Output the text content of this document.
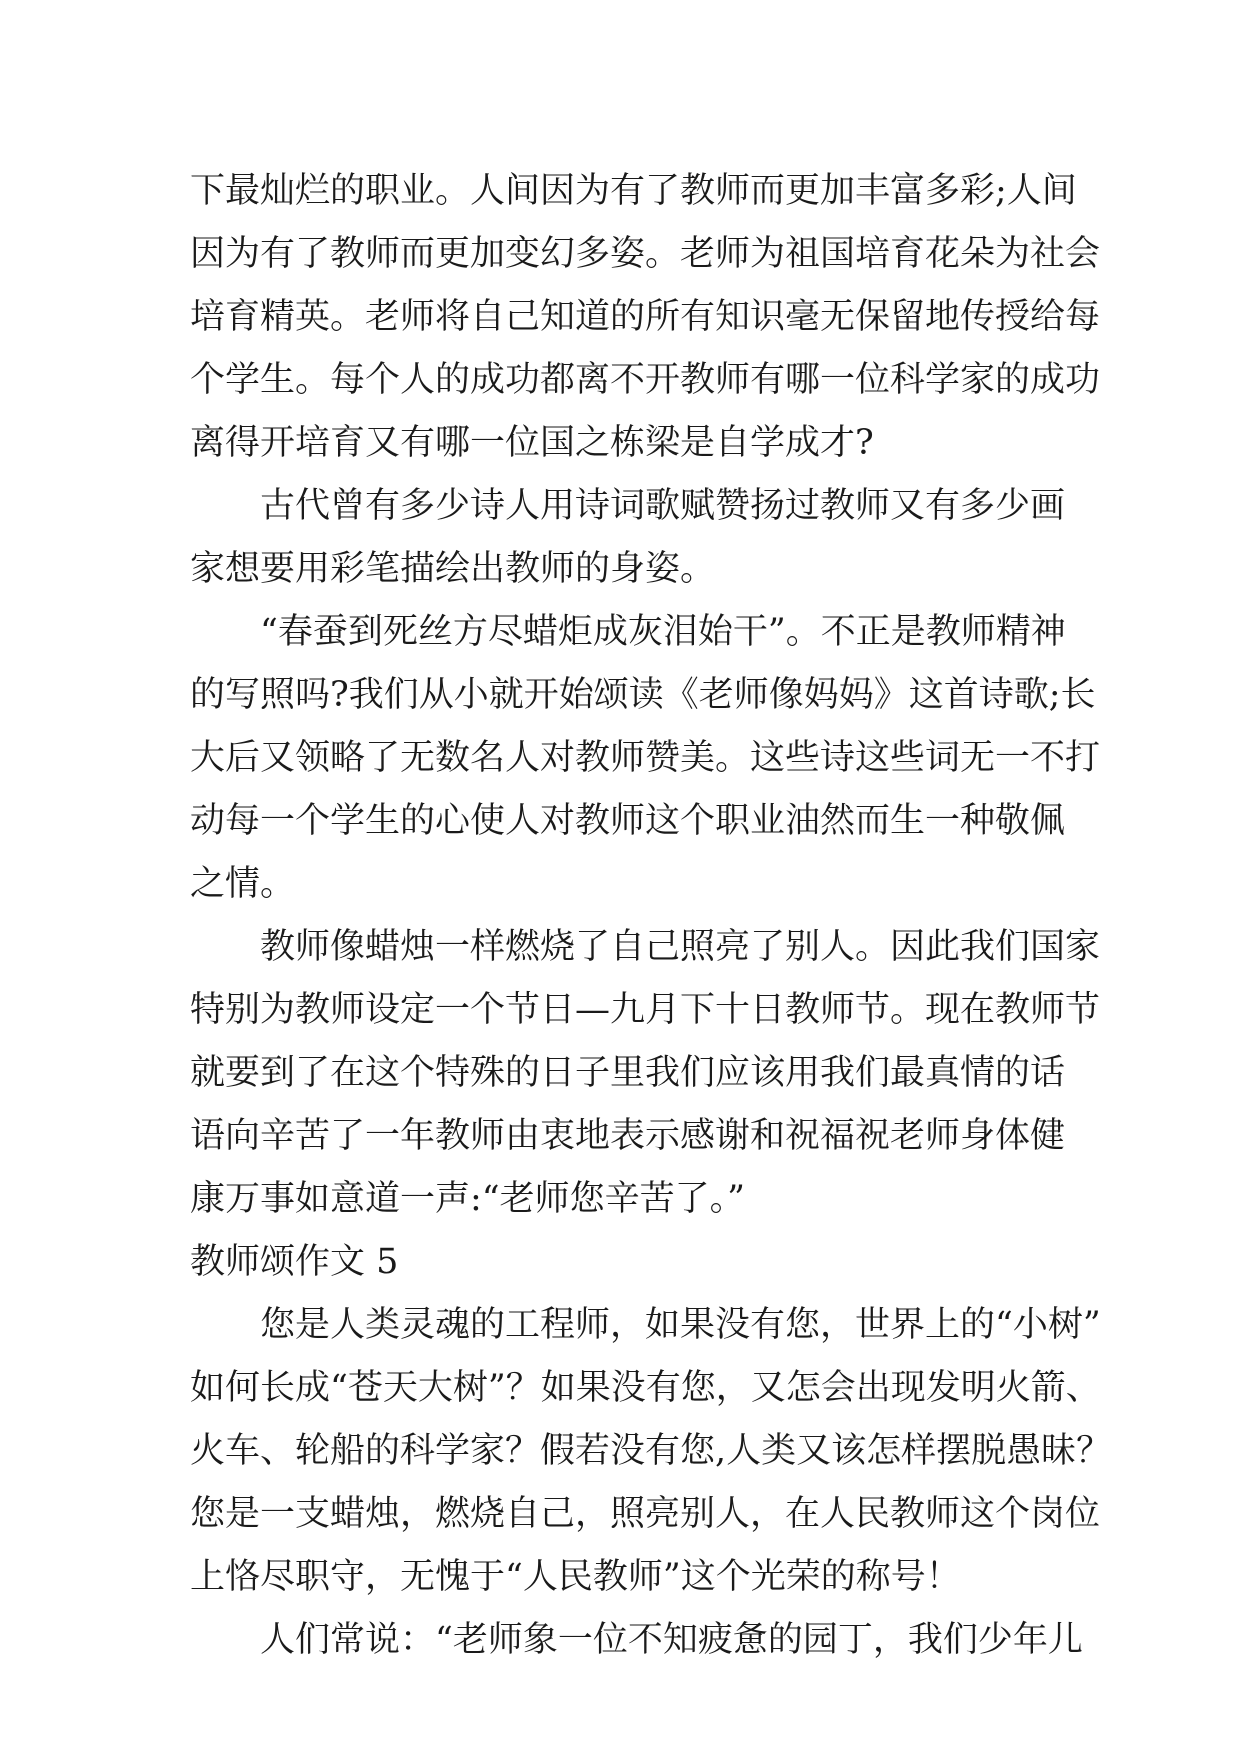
下最灿烂的职业。人间因为有了教师而更加丰富多彩;人间
因为有了教师而更加变幻多姿。老师为祖国培育花朵为社会
培育精英。老师将自己知道的所有知识毫无保留地传授给每
个学生。每个人的成功都离不开教师有哪一位科学家的成功
离得开培育又有哪一位国之栋梁是自学成才?
古代曾有多少诗人用诗词歌赋赞扬过教师又有多少画
家想要用彩笔描绘出教师的身姿。
“春蚕到死丝方尽蜡炬成灰泪始干”。不正是教师精神
的写照吗?我们从小就开始颂读《老师像妈妈》这首诗歌;长
大后又领略了无数名人对教师赞美。这些诗这些词无一不打
动每一个学生的心使人对教师这个职业油然而生一种敬佩
之情。
教师像蜡烛一样燃烧了自己照亮了别人。因此我们国家
特别为教师设定一个节日—九月下十日教师节。现在教师节
就要到了在这个特殊的日子里我们应该用我们最真情的话
语向辛苦了一年教师由衷地表示感谢和祝福祝老师身体健
康万事如意道一声:“老师您辛苦了。”
教师颂作文 5
您是人类灵魂的工程师，如果没有您，世界上的“小树”
如何长成“苍天大树”？如果没有您，又怎会出现发明火箭、
火车、轮船的科学家？假若没有您,人类又该怎样摆脱愚昧？
您是一支蜡烛，燃烧自己，照亮别人，在人民教师这个岗位
上恪尽职守，无愧于“人民教师”这个光荣的称号！
人们常说：“老师象一位不知疲惫的园丁，我们少年儿
